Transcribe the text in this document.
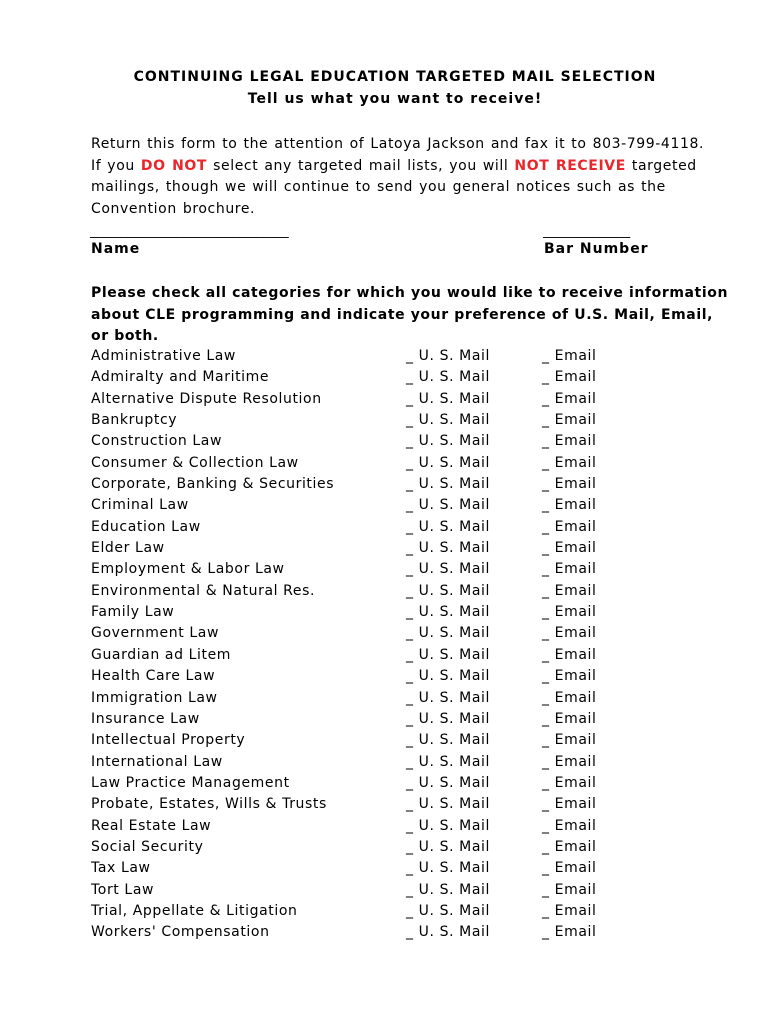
CONTINUING LEGAL EDUCATION TARGETED MAIL SELECTION
Tell us what you want to receive!

Return this form to the attention of Latoya Jackson and fax it to 803-799-4118. If you DO NOT select any targeted mail lists, you will NOT RECEIVE targeted mailings, though we will continue to send you general notices such as the Convention brochure.

________________________________	______________
Name	Bar Number

Please check all categories for which you would like to receive information about CLE programming and indicate your preference of U.S. Mail, Email, or both.

Administrative Law	_ U. S. Mail	_ Email
Admiralty and Maritime	_ U. S. Mail	_ Email
Alternative Dispute Resolution	_ U. S. Mail	_ Email
Bankruptcy	_ U. S. Mail	_ Email
Construction Law	_ U. S. Mail	_ Email
Consumer & Collection Law	_ U. S. Mail	_ Email
Corporate, Banking & Securities	_ U. S. Mail	_ Email
Criminal Law	_ U. S. Mail	_ Email
Education Law	_ U. S. Mail	_ Email
Elder Law	_ U. S. Mail	_ Email
Employment & Labor Law	_ U. S. Mail	_ Email
Environmental & Natural Res.	_ U. S. Mail	_ Email
Family Law	_ U. S. Mail	_ Email
Government Law	_ U. S. Mail	_ Email
Guardian ad Litem	_ U. S. Mail	_ Email
Health Care Law	_ U. S. Mail	_ Email
Immigration Law	_ U. S. Mail	_ Email
Insurance Law	_ U. S. Mail	_ Email
Intellectual Property	_ U. S. Mail	_ Email
International Law	_ U. S. Mail	_ Email
Law Practice Management	_ U. S. Mail	_ Email
Probate, Estates, Wills & Trusts	_ U. S. Mail	_ Email
Real Estate Law	_ U. S. Mail	_ Email
Social Security	_ U. S. Mail	_ Email
Tax Law	_ U. S. Mail	_ Email
Tort Law	_ U. S. Mail	_ Email
Trial, Appellate & Litigation	_ U. S. Mail	_ Email
Workers' Compensation	_ U. S. Mail	_ Email
